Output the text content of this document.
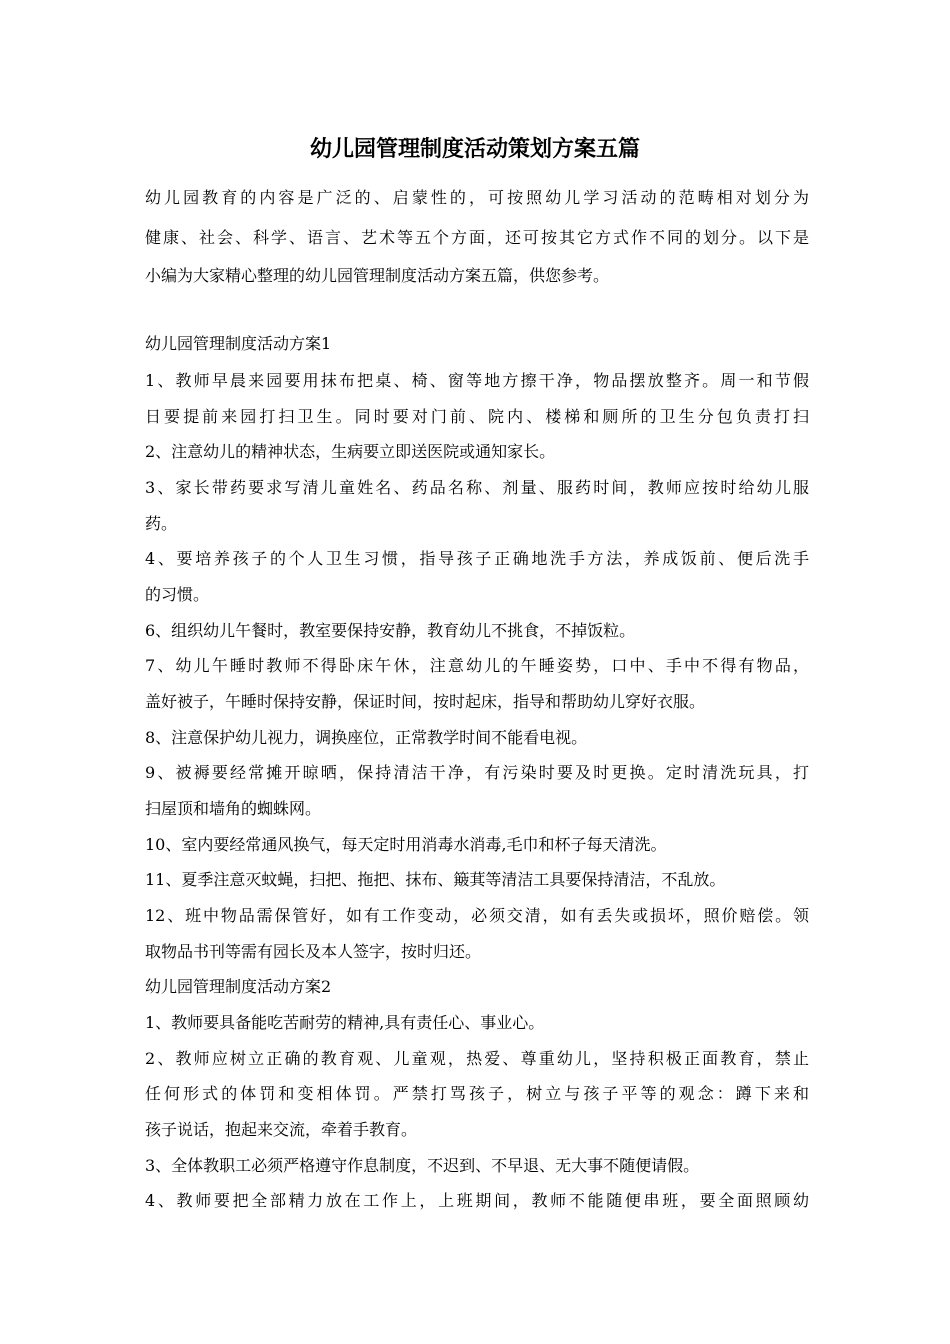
幼儿园管理制度活动策划方案五篇
幼儿园教育的内容是广泛的、启蒙性的，可按照幼儿学习活动的范畴相对划分为
健康、社会、科学、语言、艺术等五个方面，还可按其它方式作不同的划分。以下是
小编为大家精心整理的幼儿园管理制度活动方案五篇，供您参考。
幼儿园管理制度活动方案1
1、教师早晨来园要用抹布把桌、椅、窗等地方擦干净，物品摆放整齐。周一和节假
日要提前来园打扫卫生。同时要对门前、院内、楼梯和厕所的卫生分包负责打扫
2、注意幼儿的精神状态，生病要立即送医院或通知家长。
3、家长带药要求写清儿童姓名、药品名称、剂量、服药时间，教师应按时给幼儿服
药。
4、要培养孩子的个人卫生习惯，指导孩子正确地洗手方法，养成饭前、便后洗手
的习惯。
6、组织幼儿午餐时，教室要保持安静，教育幼儿不挑食，不掉饭粒。
7、幼儿午睡时教师不得卧床午休，注意幼儿的午睡姿势，口中、手中不得有物品，
盖好被子，午睡时保持安静，保证时间，按时起床，指导和帮助幼儿穿好衣服。
8、注意保护幼儿视力，调换座位，正常教学时间不能看电视。
9、被褥要经常摊开晾晒，保持清洁干净，有污染时要及时更换。定时清洗玩具，打
扫屋顶和墙角的蜘蛛网。
10、室内要经常通风换气，每天定时用消毒水消毒,毛巾和杯子每天清洗。
11、夏季注意灭蚊蝇，扫把、拖把、抹布、簸萁等清洁工具要保持清洁，不乱放。
12、班中物品需保管好，如有工作变动，必须交清，如有丢失或损坏，照价赔偿。领
取物品书刊等需有园长及本人签字，按时归还。
幼儿园管理制度活动方案2
1、教师要具备能吃苦耐劳的精神,具有责任心、事业心。
2、教师应树立正确的教育观、儿童观，热爱、尊重幼儿，坚持积极正面教育，禁止
任何形式的体罚和变相体罚。严禁打骂孩子，树立与孩子平等的观念：蹲下来和
孩子说话，抱起来交流，牵着手教育。
3、全体教职工必须严格遵守作息制度，不迟到、不早退、无大事不随便请假。
4、教师要把全部精力放在工作上，上班期间，教师不能随便串班，要全面照顾幼
